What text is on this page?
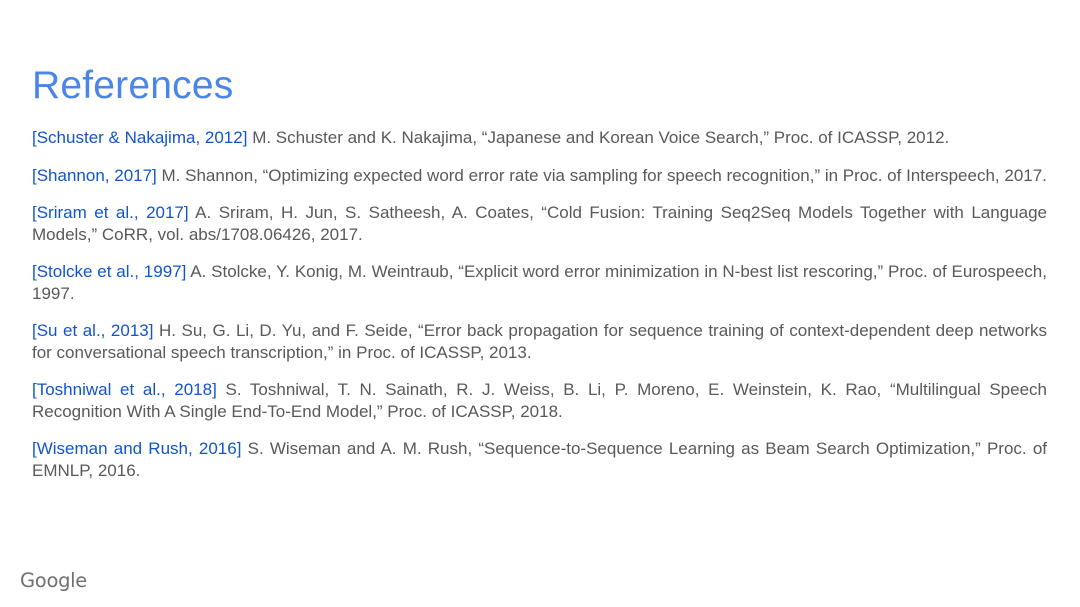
References

[Schuster & Nakajima, 2012] M. Schuster and K. Nakajima, “Japanese and Korean Voice Search,” Proc. of ICASSP, 2012.

[Shannon, 2017] M. Shannon, “Optimizing expected word error rate via sampling for speech recognition,” in Proc. of Interspeech, 2017.

[Sriram et al., 2017] A. Sriram, H. Jun, S. Satheesh, A. Coates, “Cold Fusion: Training Seq2Seq Models Together with Language Models,” CoRR, vol. abs/1708.06426, 2017.

[Stolcke et al., 1997] A. Stolcke, Y. Konig, M. Weintraub, “Explicit word error minimization in N-best list rescoring,” Proc. of Eurospeech, 1997.

[Su et al., 2013] H. Su, G. Li, D. Yu, and F. Seide, “Error back propagation for sequence training of context-dependent deep networks for conversational speech transcription,” in Proc. of ICASSP, 2013.

[Toshniwal et al., 2018] S. Toshniwal, T. N. Sainath, R. J. Weiss, B. Li, P. Moreno, E. Weinstein, K. Rao, “Multilingual Speech Recognition With A Single End-To-End Model,” Proc. of ICASSP, 2018.

[Wiseman and Rush, 2016] S. Wiseman and A. M. Rush, “Sequence-to-Sequence Learning as Beam Search Optimization,” Proc. of EMNLP, 2016.

Google
